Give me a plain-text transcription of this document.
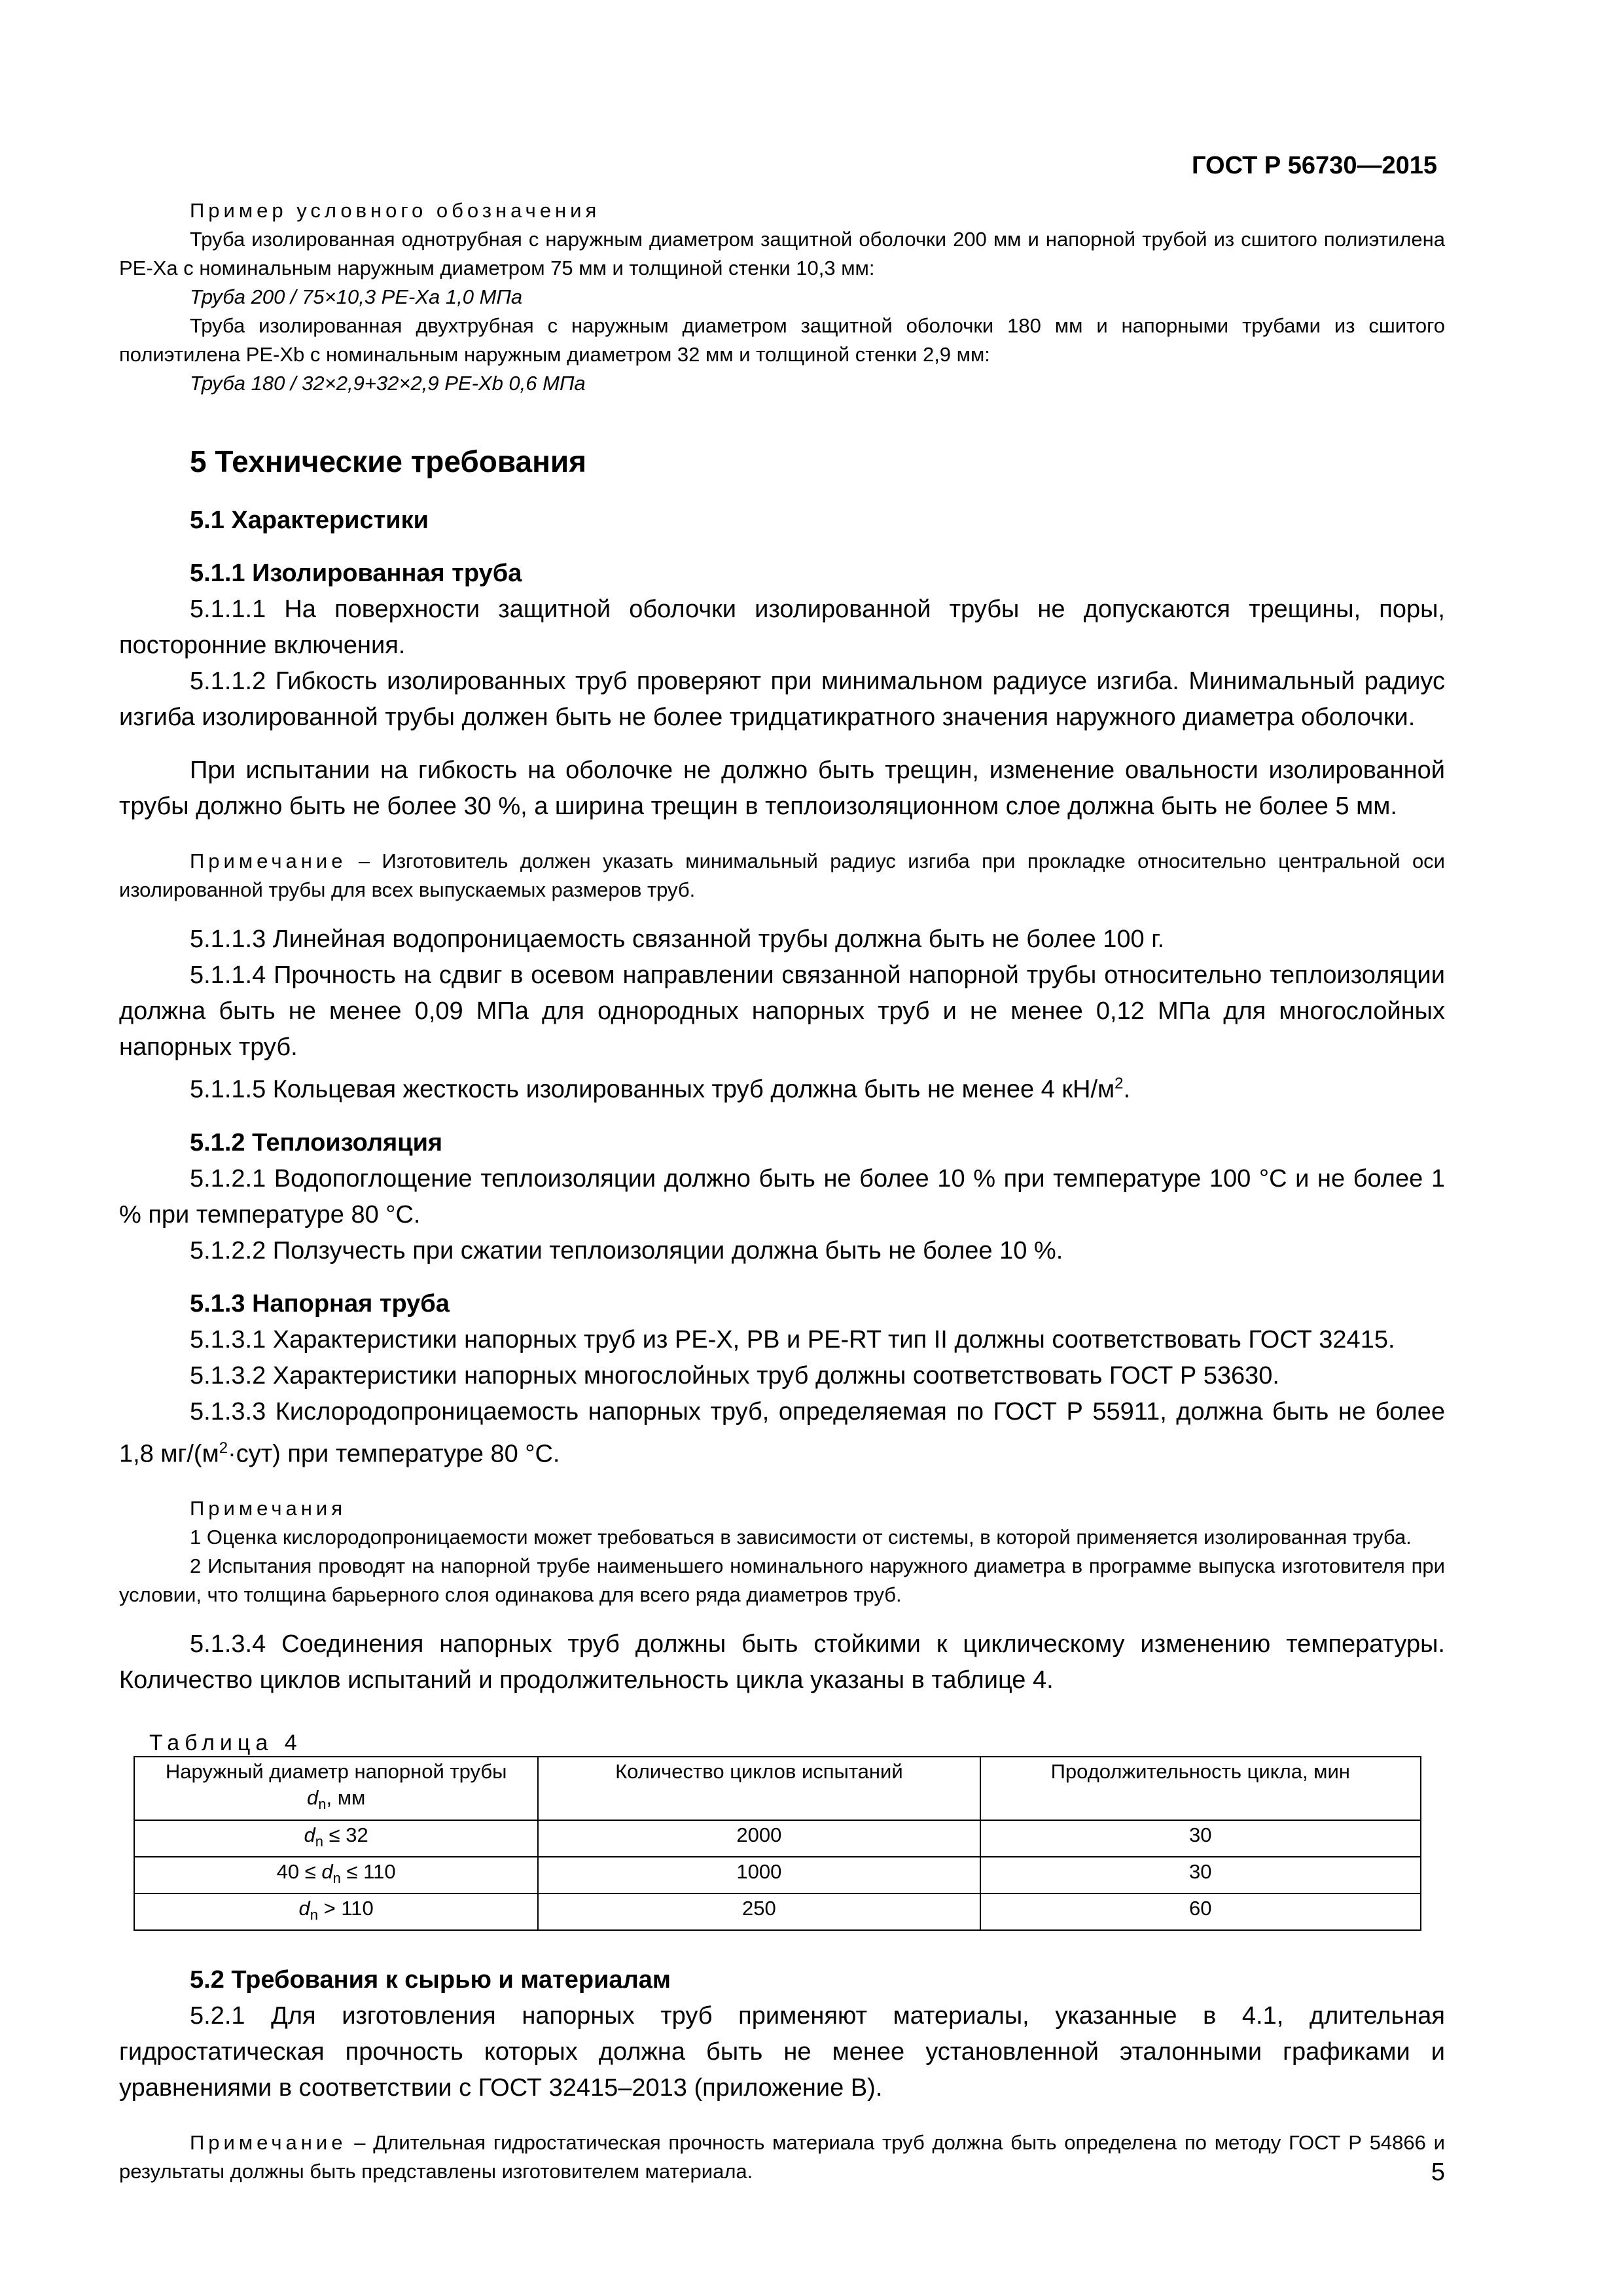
ГОСТ Р 56730—2015

Пример условного обозначения

Труба изолированная однотрубная с наружным диаметром защитной оболочки 200 мм и напорной трубой из сшитого полиэтилена PE-Xa с номинальным наружным диаметром 75 мм и толщиной стенки 10,3 мм:

Труба 200 / 75×10,3 PE-Xa 1,0 МПа

Труба изолированная двухтрубная с наружным диаметром защитной оболочки 180 мм и напорными трубами из сшитого полиэтилена PE-Xb с номинальным наружным диаметром 32 мм и толщиной стенки 2,9 мм:

Труба 180 / 32×2,9+32×2,9 PE-Xb 0,6 МПа

5 Технические требования
5.1 Характеристики
5.1.1 Изолированная труба

5.1.1.1 На поверхности защитной оболочки изолированной трубы не допускаются трещины, поры, посторонние включения.

5.1.1.2 Гибкость изолированных труб проверяют при минимальном радиусе изгиба. Минимальный радиус изгиба изолированной трубы должен быть не более тридцатикратного значения наружного диаметра оболочки.

При испытании на гибкость на оболочке не должно быть трещин, изменение овальности изолированной трубы должно быть не более 30 %, а ширина трещин в теплоизоляционном слое должна быть не более 5 мм.

Примечание – Изготовитель должен указать минимальный радиус изгиба при прокладке относительно центральной оси изолированной трубы для всех выпускаемых размеров труб.

5.1.1.3 Линейная водопроницаемость связанной трубы должна быть не более 100 г.

5.1.1.4 Прочность на сдвиг в осевом направлении связанной напорной трубы относительно теплоизоляции должна быть не менее 0,09 МПа для однородных напорных труб и не менее 0,12 МПа для многослойных напорных труб.

5.1.1.5 Кольцевая жесткость изолированных труб должна быть не менее 4 $кН/м^2$.

5.1.2 Теплоизоляция

5.1.2.1 Водопоглощение теплоизоляции должно быть не более 10 % при температуре 100 °C и не более 1 % при температуре 80 °C.

5.1.2.2 Ползучесть при сжатии теплоизоляции должна быть не более 10 %.

5.1.3 Напорная труба

5.1.3.1 Характеристики напорных труб из PE-X, PB и PE-RT тип II должны соответствовать ГОСТ 32415.

5.1.3.2 Характеристики напорных многослойных труб должны соответствовать ГОСТ Р 53630.

5.1.3.3 Кислородопроницаемость напорных труб, определяемая по ГОСТ Р 55911, должна быть не более 1,8 $мг/(м^2\cdot сут)$ при температуре 80 °C.

Примечания

1 Оценка кислородопроницаемости может требоваться в зависимости от системы, в которой применяется изолированная труба.

2 Испытания проводят на напорной трубе наименьшего номинального наружного диаметра в программе выпуска изготовителя при условии, что толщина барьерного слоя одинакова для всего ряда диаметров труб.

5.1.3.4 Соединения напорных труб должны быть стойкими к циклическому изменению температуры. Количество циклов испытаний и продолжительность цикла указаны в таблице 4.

Таблица 4
Наружный диаметр напорной трубы
$d_n$, мм	Количество циклов испытаний	Продолжительность цикла, мин
$d_n \le 32$	2000	30
$40 \le d_n \le 110$	1000	30
$d_n > 110$	250	60
5.2 Требования к сырью и материалам

5.2.1 Для изготовления напорных труб применяют материалы, указанные в 4.1, длительная гидростатическая прочность которых должна быть не менее установленной эталонными графиками и уравнениями в соответствии с ГОСТ 32415–2013 (приложение В).

Примечание – Длительная гидростатическая прочность материала труб должна быть определена по методу ГОСТ Р 54866 и результаты должны быть представлены изготовителем материала.	5
